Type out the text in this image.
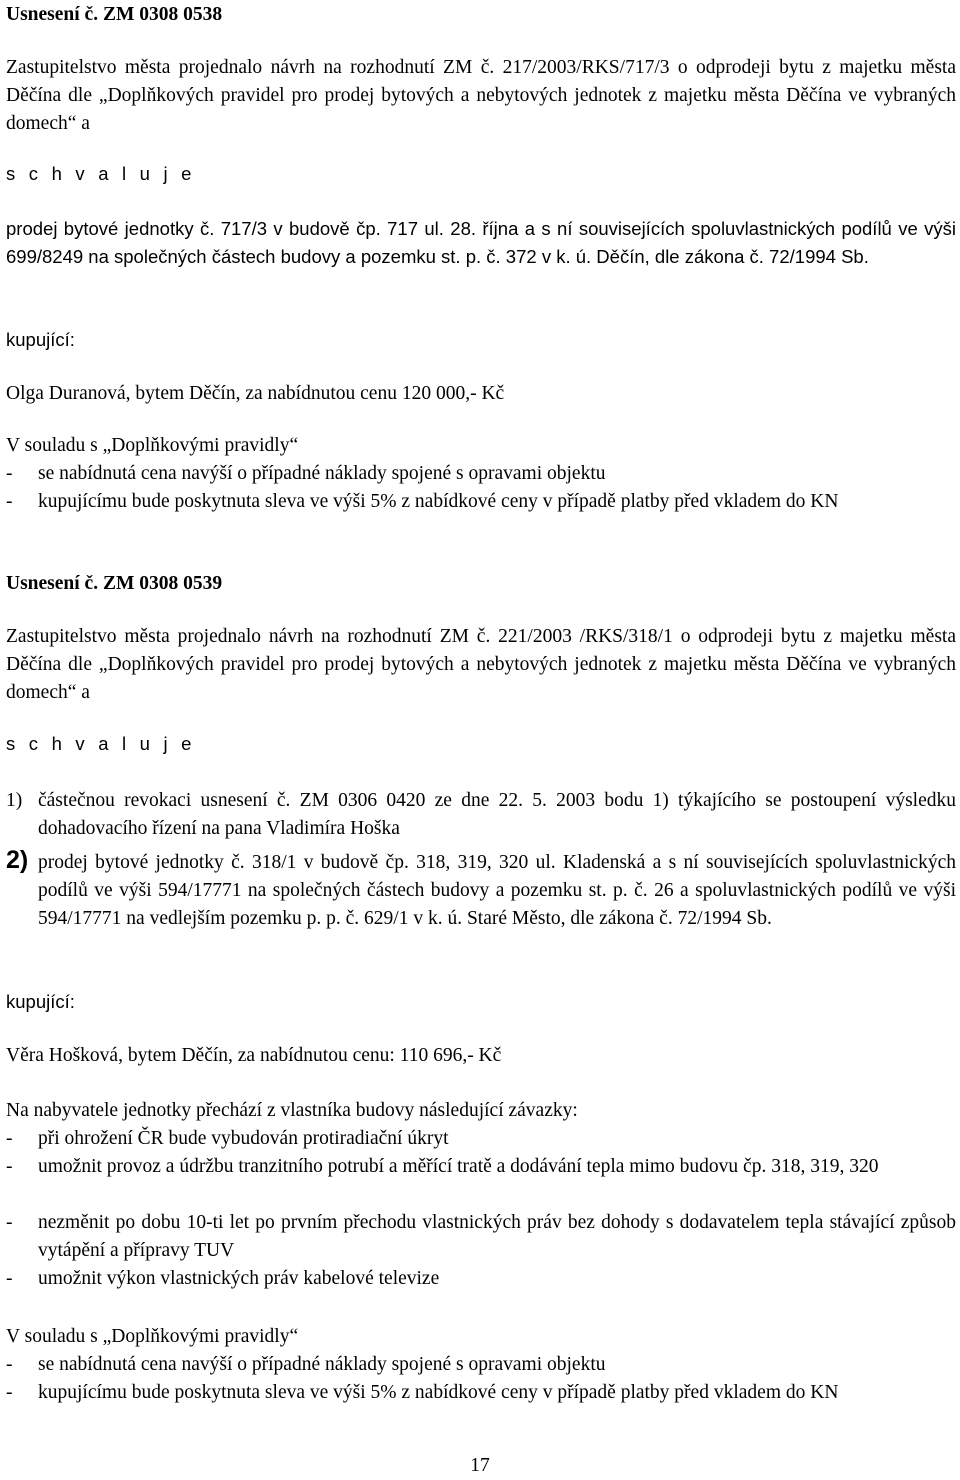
Usnesení č. ZM 0308 0538

Zastupitelstvo města projednalo návrh na rozhodnutí ZM č. 217/2003/RKS/717/3 o odprodeji bytu z majetku města Děčína dle „Doplňkových pravidel pro prodej bytových a nebytových jednotek z majetku města Děčína ve vybraných domech“ a

s c h v a l u j e

prodej bytové jednotky č. 717/3 v budově čp. 717 ul. 28. října a s ní souvisejících spoluvlastnických podílů ve výši 699/8249 na společných částech budovy a pozemku st. p. č. 372 v k. ú. Děčín, dle zákona č. 72/1994 Sb.

kupující:

Olga Duranová, bytem Děčín, za nabídnutou cenu 120 000,- Kč

V souladu s „Doplňkovými pravidly“

- se nabídnutá cena navýší o případné náklady spojené s opravami objektu
- kupujícímu bude poskytnuta sleva ve výši 5% z nabídkové ceny v případě platby před vkladem do KN

Usnesení č. ZM 0308 0539

Zastupitelstvo města projednalo návrh na rozhodnutí ZM č. 221/2003 /RKS/318/1 o odprodeji bytu z majetku města Děčína dle „Doplňkových pravidel pro prodej bytových a nebytových jednotek z majetku města Děčína ve vybraných domech“ a

s c h v a l u j e

1) částečnou revokaci usnesení č. ZM 0306 0420 ze dne 22. 5. 2003 bodu 1) týkajícího se postoupení výsledku dohadovacího řízení na pana Vladimíra Hoška
2) prodej bytové jednotky č. 318/1 v budově čp. 318, 319, 320 ul. Kladenská a s ní souvisejících spoluvlastnických podílů ve výši 594/17771 na společných částech budovy a pozemku st. p. č. 26 a spoluvlastnických podílů ve výši 594/17771 na vedlejším pozemku p. p. č. 629/1 v k. ú. Staré Město, dle zákona č. 72/1994 Sb.

kupující:

Věra Hošková, bytem Děčín, za nabídnutou cenu: 110 696,- Kč

Na nabyvatele jednotky přechází z vlastníka budovy následující závazky:

- při ohrožení ČR bude vybudován protiradiační úkryt
- umožnit provoz a údržbu tranzitního potrubí a měřící tratě a dodávání tepla mimo budovu čp. 318, 319, 320
- nezměnit po dobu 10-ti let po prvním přechodu vlastnických práv bez dohody s dodavatelem tepla stávající způsob vytápění a přípravy TUV
- umožnit výkon vlastnických práv kabelové televize

V souladu s „Doplňkovými pravidly“

- se nabídnutá cena navýší o případné náklady spojené s opravami objektu
- kupujícímu bude poskytnuta sleva ve výši 5% z nabídkové ceny v případě platby před vkladem do KN
17
